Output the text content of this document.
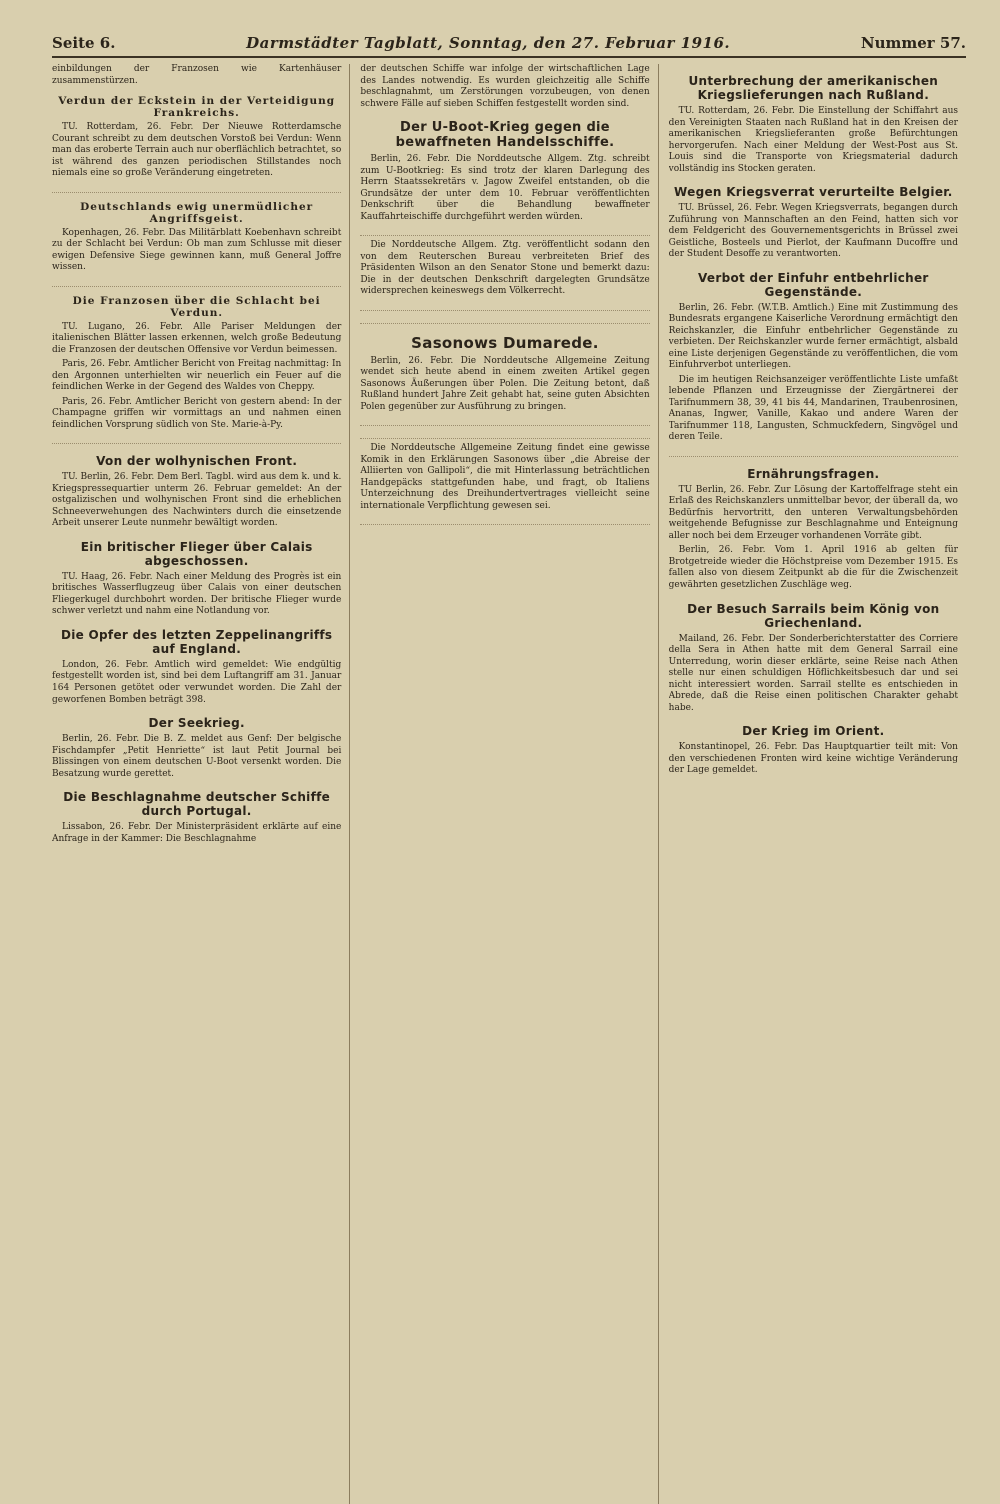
Seite 6.	Darmstädter Tagblatt, Sonntag, den 27. Februar 1916.	Nummer 57.

einbildungen der Franzosen wie Kartenhäuser zusammenstürzen.

Verdun der Eckstein in der Verteidigung Frankreichs.

TU. Rotterdam, 26. Febr. Der Nieuwe Rotterdamsche Courant schreibt zu dem deutschen Vorstoß bei Verdun: Wenn man das eroberte Terrain auch nur oberflächlich betrachtet, so ist während des ganzen periodischen Stillstandes noch niemals eine so große Veränderung eingetreten.

Deutschlands ewig unermüdlicher Angriffsgeist.

Kopenhagen, 26. Febr. Das Militärblatt Koebenhavn schreibt zu der Schlacht bei Verdun: Ob man zum Schlusse mit dieser ewigen Defensive Siege gewinnen kann, muß General Joffre wissen.

Die Franzosen über die Schlacht bei Verdun.

TU. Lugano, 26. Febr. Alle Pariser Meldungen der italienischen Blätter lassen erkennen, welch große Bedeutung die Franzosen der deutschen Offensive vor Verdun beimessen.

Paris, 26. Febr. Amtlicher Bericht von Freitag nachmittag: In den Argonnen unterhielten wir neuerlich ein Feuer auf die feindlichen Werke in der Gegend des Waldes von Cheppy.

Paris, 26. Febr. Amtlicher Bericht von gestern abend: In der Champagne griffen wir vormittags an und nahmen einen feindlichen Vorsprung südlich von Ste. Marie-à-Py.

Von der wolhynischen Front.

TU. Berlin, 26. Febr. Dem Berl. Tagbl. wird aus dem k. und k. Kriegspressequartier unterm 26. Februar gemeldet: An der ostgalizischen und wolhynischen Front sind die erheblichen Schneeverwehungen des Nachwinters durch die einsetzende Arbeit unserer Leute nunmehr bewältigt worden.

Ein britischer Flieger über Calais abgeschossen.

TU. Haag, 26. Febr. Nach einer Meldung des Progrès ist ein britisches Wasserflugzeug über Calais von einer deutschen Fliegerkugel durchbohrt worden. Der britische Flieger wurde schwer verletzt und nahm eine Notlandung vor.

Die Opfer des letzten Zeppelinangriffs auf England.

London, 26. Febr. Amtlich wird gemeldet: Wie endgültig festgestellt worden ist, sind bei dem Luftangriff am 31. Januar 164 Personen getötet oder verwundet worden. Die Zahl der geworfenen Bomben beträgt 398.

Der Seekrieg.

Berlin, 26. Febr. Die B. Z. meldet aus Genf: Der belgische Fischdampfer „Petit Henriette“ ist laut Petit Journal bei Blissingen von einem deutschen U-Boot versenkt worden. Die Besatzung wurde gerettet.

Die Beschlagnahme deutscher Schiffe durch Portugal.

Lissabon, 26. Febr. Der Ministerpräsident erklärte auf eine Anfrage in der Kammer: Die Beschlagnahme

der deutschen Schiffe war infolge der wirtschaftlichen Lage des Landes notwendig. Es wurden gleichzeitig alle Schiffe beschlagnahmt, um Zerstörungen vorzubeugen, von denen schwere Fälle auf sieben Schiffen festgestellt worden sind.

Der U-Boot-Krieg gegen die bewaffneten Handelsschiffe.

Berlin, 26. Febr. Die Norddeutsche Allgem. Ztg. schreibt zum U-Bootkrieg: Es sind trotz der klaren Darlegung des Herrn Staatssekretärs v. Jagow Zweifel entstanden, ob die Grundsätze der unter dem 10. Februar veröffentlichten Denkschrift über die Behandlung bewaffneter Kauffahrteischiffe durchgeführt werden würden.

Die Norddeutsche Allgem. Ztg. veröffentlicht sodann den von dem Reuterschen Bureau verbreiteten Brief des Präsidenten Wilson an den Senator Stone und bemerkt dazu: Die in der deutschen Denkschrift dargelegten Grundsätze widersprechen keineswegs dem Völkerrecht.

Sasonows Dumarede.

Berlin, 26. Febr. Die Norddeutsche Allgemeine Zeitung wendet sich heute abend in einem zweiten Artikel gegen Sasonows Äußerungen über Polen. Die Zeitung betont, daß Rußland hundert Jahre Zeit gehabt hat, seine guten Absichten Polen gegenüber zur Ausführung zu bringen.

Die Norddeutsche Allgemeine Zeitung findet eine gewisse Komik in den Erklärungen Sasonows über „die Abreise der Alliierten von Gallipoli“, die mit Hinterlassung beträchtlichen Handgepäcks stattgefunden habe, und fragt, ob Italiens Unterzeichnung des Dreihundertvertrages vielleicht seine internationale Verpflichtung gewesen sei.

Unterbrechung der amerikanischen Kriegslieferungen nach Rußland.

TU. Rotterdam, 26. Febr. Die Einstellung der Schiffahrt aus den Vereinigten Staaten nach Rußland hat in den Kreisen der amerikanischen Kriegslieferanten große Befürchtungen hervorgerufen. Nach einer Meldung der West-Post aus St. Louis sind die Transporte von Kriegsmaterial dadurch vollständig ins Stocken geraten.

Wegen Kriegsverrat verurteilte Belgier.

TU. Brüssel, 26. Febr. Wegen Kriegsverrats, begangen durch Zuführung von Mannschaften an den Feind, hatten sich vor dem Feldgericht des Gouvernementsgerichts in Brüssel zwei Geistliche, Bosteels und Pierlot, der Kaufmann Ducoffre und der Student Desoffe zu verantworten.

Verbot der Einfuhr entbehrlicher Gegenstände.

Berlin, 26. Febr. (W.T.B. Amtlich.) Eine mit Zustimmung des Bundesrats ergangene Kaiserliche Verordnung ermächtigt den Reichskanzler, die Einfuhr entbehrlicher Gegenstände zu verbieten. Der Reichskanzler wurde ferner ermächtigt, alsbald eine Liste derjenigen Gegenstände zu veröffentlichen, die vom Einfuhrverbot unterliegen.

Die im heutigen Reichsanzeiger veröffentlichte Liste umfaßt lebende Pflanzen und Erzeugnisse der Ziergärtnerei der Tarifnummern 38, 39, 41 bis 44, Mandarinen, Traubenrosinen, Ananas, Ingwer, Vanille, Kakao und andere Waren der Tarifnummer 118, Langusten, Schmuckfedern, Singvögel und deren Teile.

Ernährungsfragen.

TU Berlin, 26. Febr. Zur Lösung der Kartoffelfrage steht ein Erlaß des Reichskanzlers unmittelbar bevor, der überall da, wo Bedürfnis hervortritt, den unteren Verwaltungsbehörden weitgehende Befugnisse zur Beschlagnahme und Enteignung aller noch bei dem Erzeuger vorhandenen Vorräte gibt.

Berlin, 26. Febr. Vom 1. April 1916 ab gelten für Brotgetreide wieder die Höchstpreise vom Dezember 1915. Es fallen also von diesem Zeitpunkt ab die für die Zwischenzeit gewährten gesetzlichen Zuschläge weg.

Der Besuch Sarrails beim König von Griechenland.

Mailand, 26. Febr. Der Sonderberichterstatter des Corriere della Sera in Athen hatte mit dem General Sarrail eine Unterredung, worin dieser erklärte, seine Reise nach Athen stelle nur einen schuldigen Höflichkeitsbesuch dar und sei nicht interessiert worden. Sarrail stellte es entschieden in Abrede, daß die Reise einen politischen Charakter gehabt habe.

Der Krieg im Orient.

Konstantinopel, 26. Febr. Das Hauptquartier teilt mit: Von den verschiedenen Fronten wird keine wichtige Veränderung der Lage gemeldet.
